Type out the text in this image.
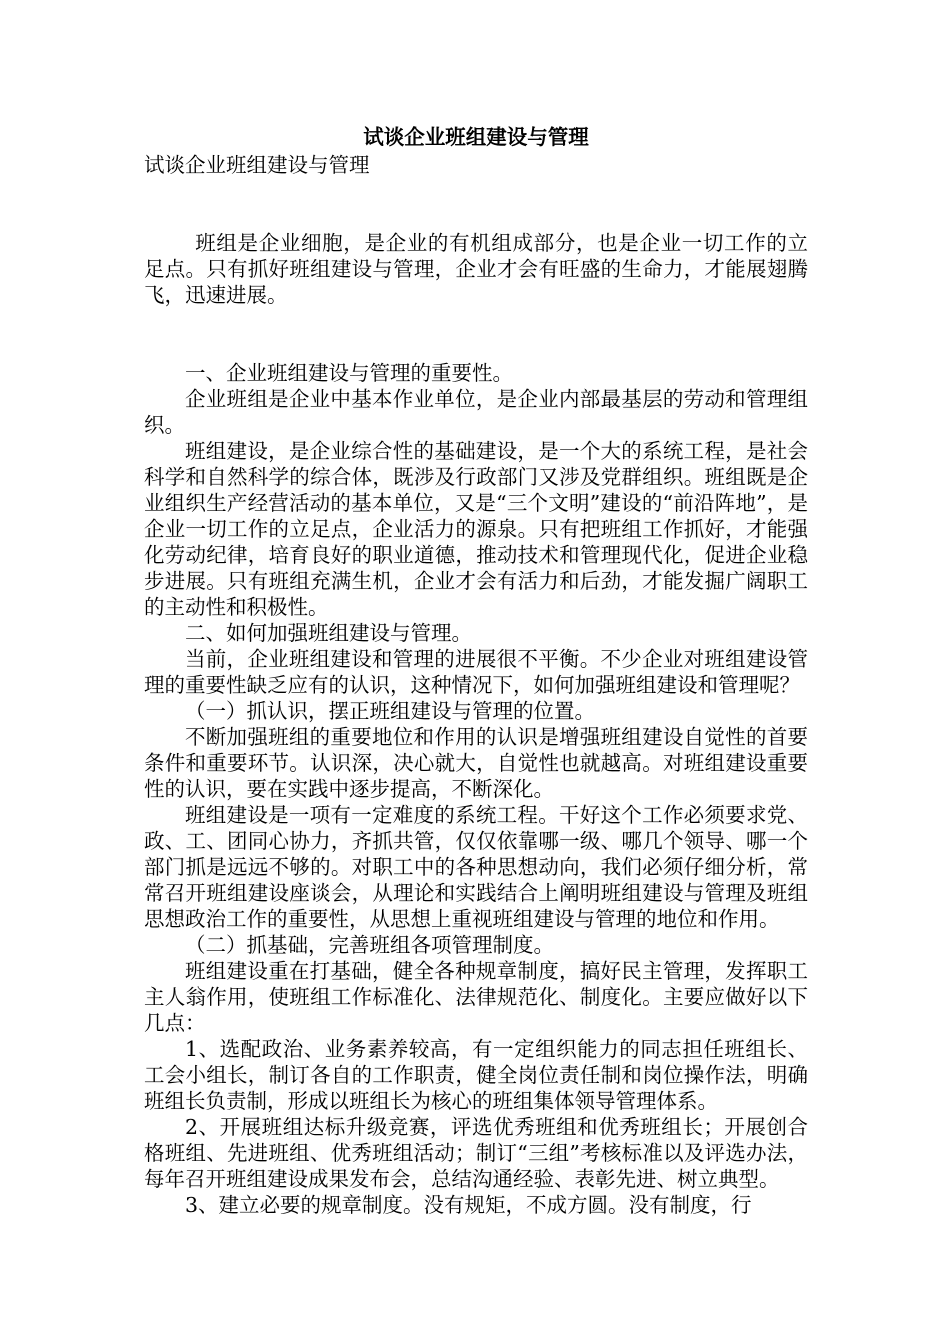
试谈企业班组建设与管理

试谈企业班组建设与管理

班组是企业细胞，是企业的有机组成部分，也是企业一切工作的立足点。只有抓好班组建设与管理，企业才会有旺盛的生命力，才能展翅腾飞，迅速进展。

一、企业班组建设与管理的重要性。

企业班组是企业中基本作业单位，是企业内部最基层的劳动和管理组织。

班组建设，是企业综合性的基础建设，是一个大的系统工程，是社会科学和自然科学的综合体，既涉及行政部门又涉及党群组织。班组既是企业组织生产经营活动的基本单位，又是“三个文明”建设的“前沿阵地”，是企业一切工作的立足点，企业活力的源泉。只有把班组工作抓好，才能强化劳动纪律，培育良好的职业道德，推动技术和管理现代化，促进企业稳步进展。只有班组充满生机，企业才会有活力和后劲，才能发掘广阔职工的主动性和积极性。

二、如何加强班组建设与管理。

当前，企业班组建设和管理的进展很不平衡。不少企业对班组建设管理的重要性缺乏应有的认识，这种情况下，如何加强班组建设和管理呢？

（一）抓认识，摆正班组建设与管理的位置。

不断加强班组的重要地位和作用的认识是增强班组建设自觉性的首要条件和重要环节。认识深，决心就大，自觉性也就越高。对班组建设重要性的认识，要在实践中逐步提高，不断深化。

班组建设是一项有一定难度的系统工程。干好这个工作必须要求党、政、工、团同心协力，齐抓共管，仅仅依靠哪一级、哪几个领导、哪一个部门抓是远远不够的。对职工中的各种思想动向，我们必须仔细分析，常常召开班组建设座谈会，从理论和实践结合上阐明班组建设与管理及班组思想政治工作的重要性，从思想上重视班组建设与管理的地位和作用。

（二）抓基础，完善班组各项管理制度。

班组建设重在打基础，健全各种规章制度，搞好民主管理，发挥职工主人翁作用，使班组工作标准化、法律规范化、制度化。主要应做好以下几点：

1、选配政治、业务素养较高，有一定组织能力的同志担任班组长、工会小组长，制订各自的工作职责，健全岗位责任制和岗位操作法，明确班组长负责制，形成以班组长为核心的班组集体领导管理体系。

2、开展班组达标升级竞赛，评选优秀班组和优秀班组长；开展创合格班组、先进班组、优秀班组活动；制订“三组”考核标准以及评选办法，每年召开班组建设成果发布会，总结沟通经验、表彰先进、树立典型。

3、建立必要的规章制度。没有规矩，不成方圆。没有制度，行
